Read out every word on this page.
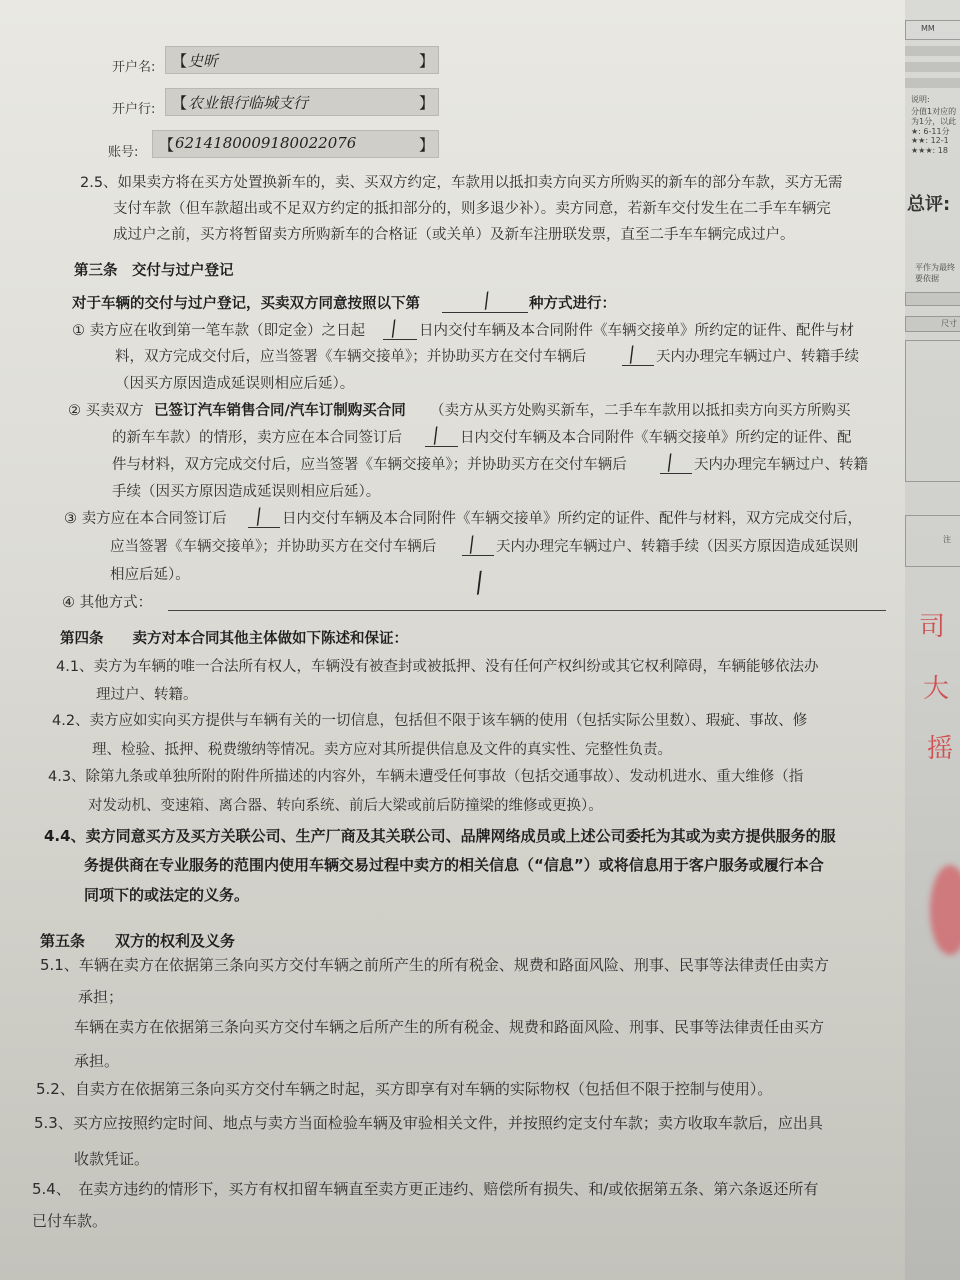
开户名: 【 史昕	】
开户行: 【 农业银行临城支行	】
账号: 【 6214180009180022076	】
2.5、如果卖方将在买方处置换新车的，卖、买双方约定，车款用以抵扣卖方向买方所购买的新车的部分车款，买方无需
支付车款（但车款超出或不足双方约定的抵扣部分的，则多退少补）。卖方同意，若新车交付发生在二手车车辆完
成过户之前，买方将暂留卖方所购新车的合格证（或关单）及新车注册联发票，直至二手车车辆完成过户。
第三条　交付与过户登记
对于车辆的交付与过户登记，买卖双方同意按照以下第	/ 种方式进行：
① 卖方应在收到第一笔车款（即定金）之日起 / 日内交付车辆及本合同附件《车辆交接单》所约定的证件、配件与材
料，双方完成交付后，应当签署《车辆交接单》；并协助买方在交付车辆后 / 天内办理完车辆过户、转籍手续
（因买方原因造成延误则相应后延）。
② 买卖双方 已签订汽车销售合同/汽车订制购买合同 （卖方从买方处购买新车，二手车车款用以抵扣卖方向买方所购买
的新车车款）的情形，卖方应在本合同签订后 / 日内交付车辆及本合同附件《车辆交接单》所约定的证件、配
件与材料，双方完成交付后，应当签署《车辆交接单》；并协助买方在交付车辆后 / 天内办理完车辆过户、转籍
手续（因买方原因造成延误则相应后延）。
③ 卖方应在本合同签订后 / 日内交付车辆及本合同附件《车辆交接单》所约定的证件、配件与材料，双方完成交付后，
应当签署《车辆交接单》；并协助买方在交付车辆后 / 天内办理完车辆过户、转籍手续（因买方原因造成延误则
相应后延）。	/
④ 其他方式：
第四条　　卖方对本合同其他主体做如下陈述和保证：
4.1、卖方为车辆的唯一合法所有权人，车辆没有被查封或被抵押、没有任何产权纠纷或其它权利障碍，车辆能够依法办
理过户、转籍。
4.2、卖方应如实向买方提供与车辆有关的一切信息，包括但不限于该车辆的使用（包括实际公里数）、瑕疵、事故、修
理、检验、抵押、税费缴纳等情况。卖方应对其所提供信息及文件的真实性、完整性负责。
4.3、除第九条或单独所附的附件所描述的内容外，车辆未遭受任何事故（包括交通事故）、发动机进水、重大维修（指
对发动机、变速箱、离合器、转向系统、前后大梁或前后防撞梁的维修或更换）。
4.4、卖方同意买方及买方关联公司、生产厂商及其关联公司、品牌网络成员或上述公司委托为其或为卖方提供服务的服
务提供商在专业服务的范围内使用车辆交易过程中卖方的相关信息（“信息”）或将信息用于客户服务或履行本合
同项下的或法定的义务。
第五条　　双方的权利及义务
5.1、车辆在卖方在依据第三条向买方交付车辆之前所产生的所有税金、规费和路面风险、刑事、民事等法律责任由卖方
承担；
车辆在卖方在依据第三条向买方交付车辆之后所产生的所有税金、规费和路面风险、刑事、民事等法律责任由买方
承担。
5.2、自卖方在依据第三条向买方交付车辆之时起，买方即享有对车辆的实际物权（包括但不限于控制与使用）。
5.3、买方应按照约定时间、地点与卖方当面检验车辆及审验相关文件，并按照约定支付车款；卖方收取车款后，应出具
收款凭证。
5.4、　在卖方违约的情形下，买方有权扣留车辆直至卖方更正违约、赔偿所有损失、和/或依据第五条、第六条返还所有
已付车款。
MM
说明:
分值1对应的
为1分，以此
★: 6-11分
★★: 12-1
★★★: 18
总评:
平作为最终
要依据
尺寸
注
司
大
摇
